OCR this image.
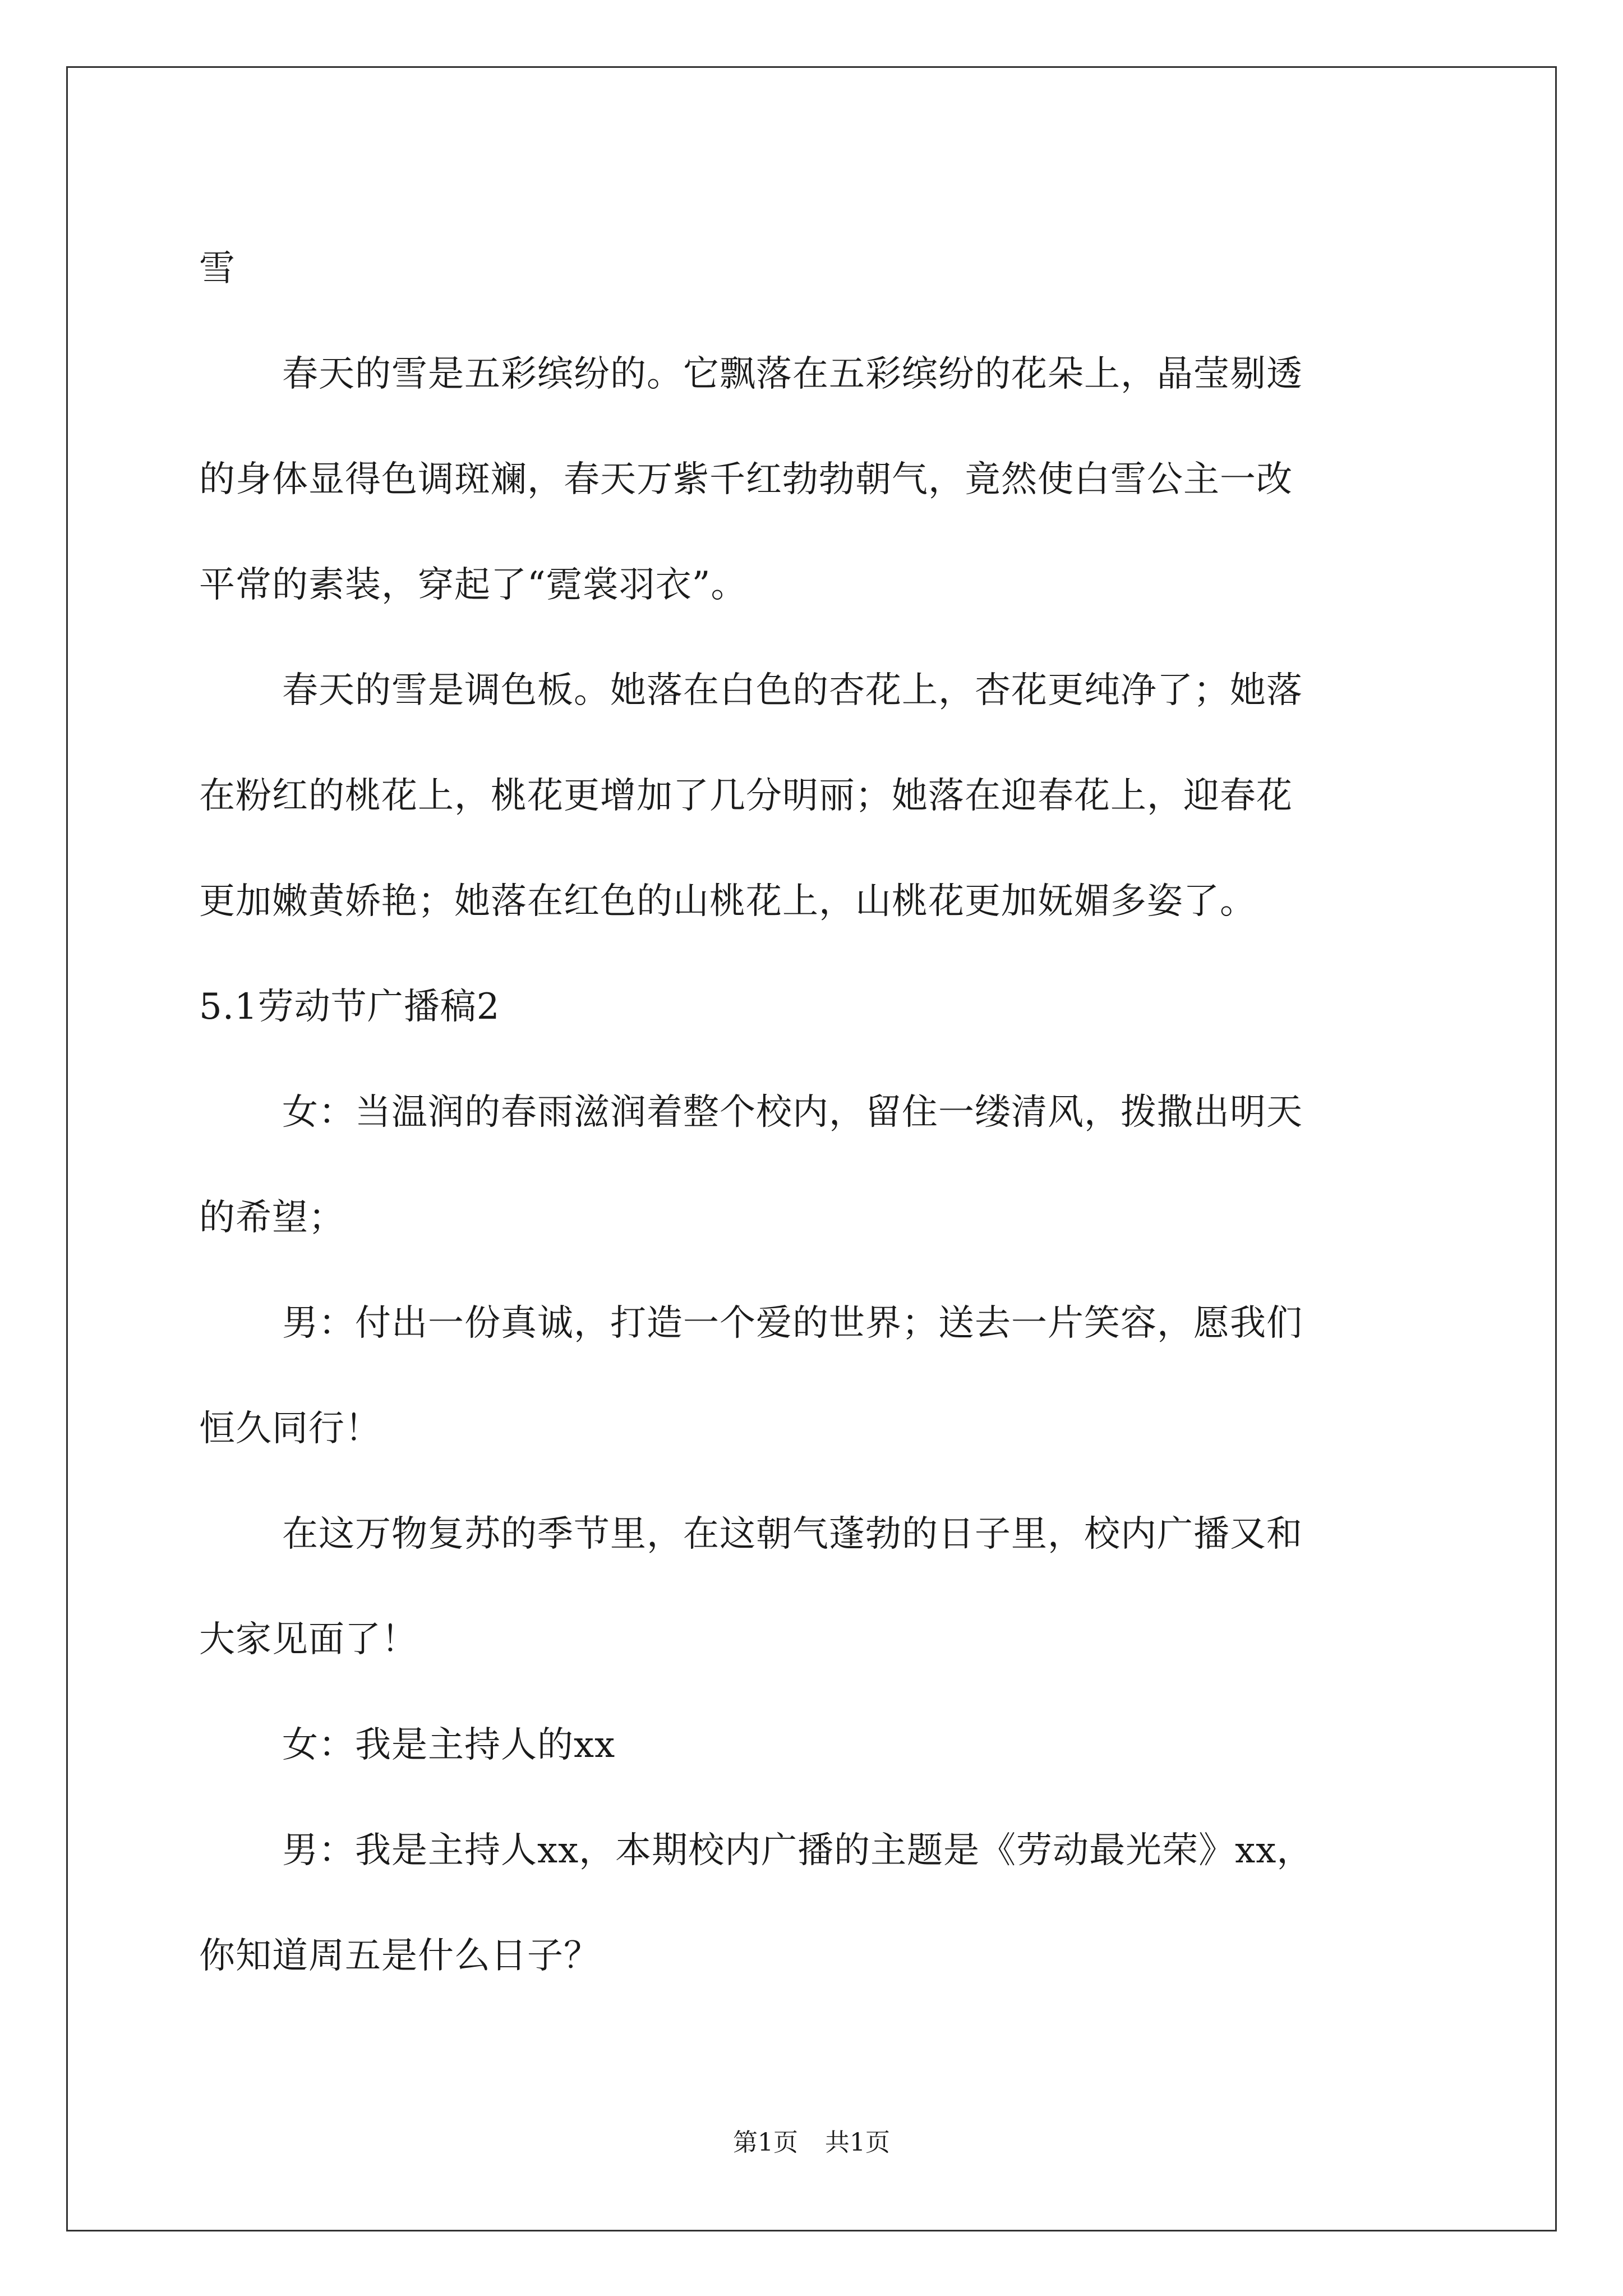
雪

春天的雪是五彩缤纷的。它飘落在五彩缤纷的花朵上，晶莹剔透

的身体显得色调斑斓，春天万紫千红勃勃朝气，竟然使白雪公主一改

平常的素装，穿起了“霓裳羽衣”。

春天的雪是调色板。她落在白色的杏花上，杏花更纯净了；她落

在粉红的桃花上，桃花更增加了几分明丽；她落在迎春花上，迎春花

更加嫩黄娇艳；她落在红色的山桃花上，山桃花更加妩媚多姿了。

5.1劳动节广播稿2

女：当温润的春雨滋润着整个校内，留住一缕清风，拨撒出明天

的希望；

男：付出一份真诚，打造一个爱的世界；送去一片笑容，愿我们

恒久同行！

在这万物复苏的季节里，在这朝气蓬勃的日子里，校内广播又和

大家见面了！

女：我是主持人的xx

男：我是主持人xx，本期校内广播的主题是《劳动最光荣》xx，

你知道周五是什么日子？

第1页 共1页
